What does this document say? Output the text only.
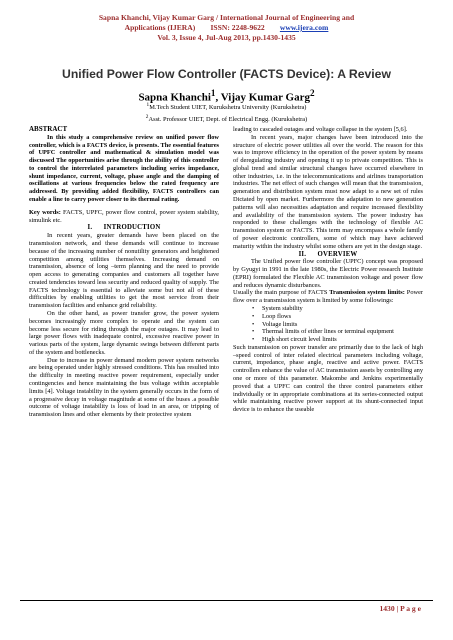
Sapna Khanchi, Vijay Kumar Garg / International Journal of Engineering and
Applications (IJERA)        ISSN: 2248-9622        www.ijera.com
Vol. 3, Issue 4, Jul-Aug 2013, pp.1430-1435
Unified Power Flow Controller (FACTS Device): A Review
Sapna Khanchi$^1$, Vijay Kumar Garg$^2$
$^1$M.Tech Student UIET, Kurukshetra University (Kurukshetra)
$^2$Asst. Professor UIET, Dept. of Electrical Engg. (Kurukshetra)

ABSTRACT

In this study a comprehensive review on unified power flow controller, which is a FACTS device, is presents. The essential features of UPFC controller and mathematical & simulation model was discussed The opportunities arise through the ability of this controller to control the interrelated parameters including series impedance, shunt impedance, current, voltage, phase angle and the damping of oscillations at various frequencies below the rated frequency are addressed. By providing added flexibility, FACTS controllers can enable a line to carry power closer to its thermal rating.

Key words: FACTS, UPFC, power flow control, power system stability, simulink etc.

I.      INTRODUCTION

In recent years, greater demands have been placed on the transmission network, and these demands will continue to increase because of the increasing number of nonutility generators and heightened competition among utilities themselves. Increasing demand on transmission, absence of long –term planning and the need to provide open access to generating companies and customers all together have created tendencies toward less security and reduced quality of supply. The FACTS technology is essential to alleviate some but not all of these difficulties by enabling utilities to get the most service from their transmission facilities and enhance grid reliability.

On the other hand, as power transfer grow, the power system becomes increasingly more complex to operate and the system can become less secure for riding through the major outages. It may lead to large power flows with inadequate control, excessive reactive power in various parts of the system, large dynamic swings between different parts of the system and bottlenecks.

Due to increase in power demand modern power system networks are being operated under highly stressed conditions. This has resulted into the difficulty in meeting reactive power requirement, especially under contingencies and hence maintaining the bus voltage within acceptable limits [4]. Voltage instability in the system generally occurs in the form of a progressive decay in voltage magnitude at some of the buses .a possible outcome of voltage instability is loss of load in an area, or tripping of transmission lines and other elements by their protective system

leading to cascaded outages and voltage collapse in the system [5,6].

In recent years, major changes have been introduced into the structure of electric power utilities all over the world. The reason for this was to improve efficiency in the operation of the power system by means of deregulating industry and opening it up to private competition. This is global trend and similar structural changes have occurred elsewhere in other industries, i.e. in the telecommunications and airlines transportation industries. The net effect of such changes will mean that the transmission, generation and distribution system must now adapt to a new set of rules Dictated by open market. Furthermore the adaptation to new generation patterns will also necessities adaptation and require increased flexibility and availability of the transmission system. The power industry has responded to these challenges with the technology of flexible AC transmission system or FACTS. This term may encompass a whole family of power electronic controllers, some of which may have achieved maturity within the industry whilst some others are yet in the design stage.

II.      OVERVIEW

The Unified power flow controller (UPFC) concept was proposed by Gyugyi in 1991 in the late 1980s, the Electric Power research Institute (EPRI) formulated the Flexible AC transmission voltage and power flow and reduces dynamic disturbances.

Usually the main purpose of FACTS Transmission system limits: Power flow over a transmission system is limited by some followings:

• System stability

• Loop flows

• Voltage limits

• Thermal limits of either lines or terminal equipment

• High short circuit level limits

Such transmission on power transfer are primarily due to the lack of high –speed control of inter related electrical parameters including voltage, current, impedance, phase angle, reactive and active power. FACTS controllers enhance the value of AC transmission assets by controlling any one or more of this parameter. Makombe and Jenkins experimentally proved that a UPFC can control the three control parameters either individually or in appropriate combinations at its series-connected output while maintaining reactive power support at its shunt-connected input device is to enhance the useable

1430 | P a g e
